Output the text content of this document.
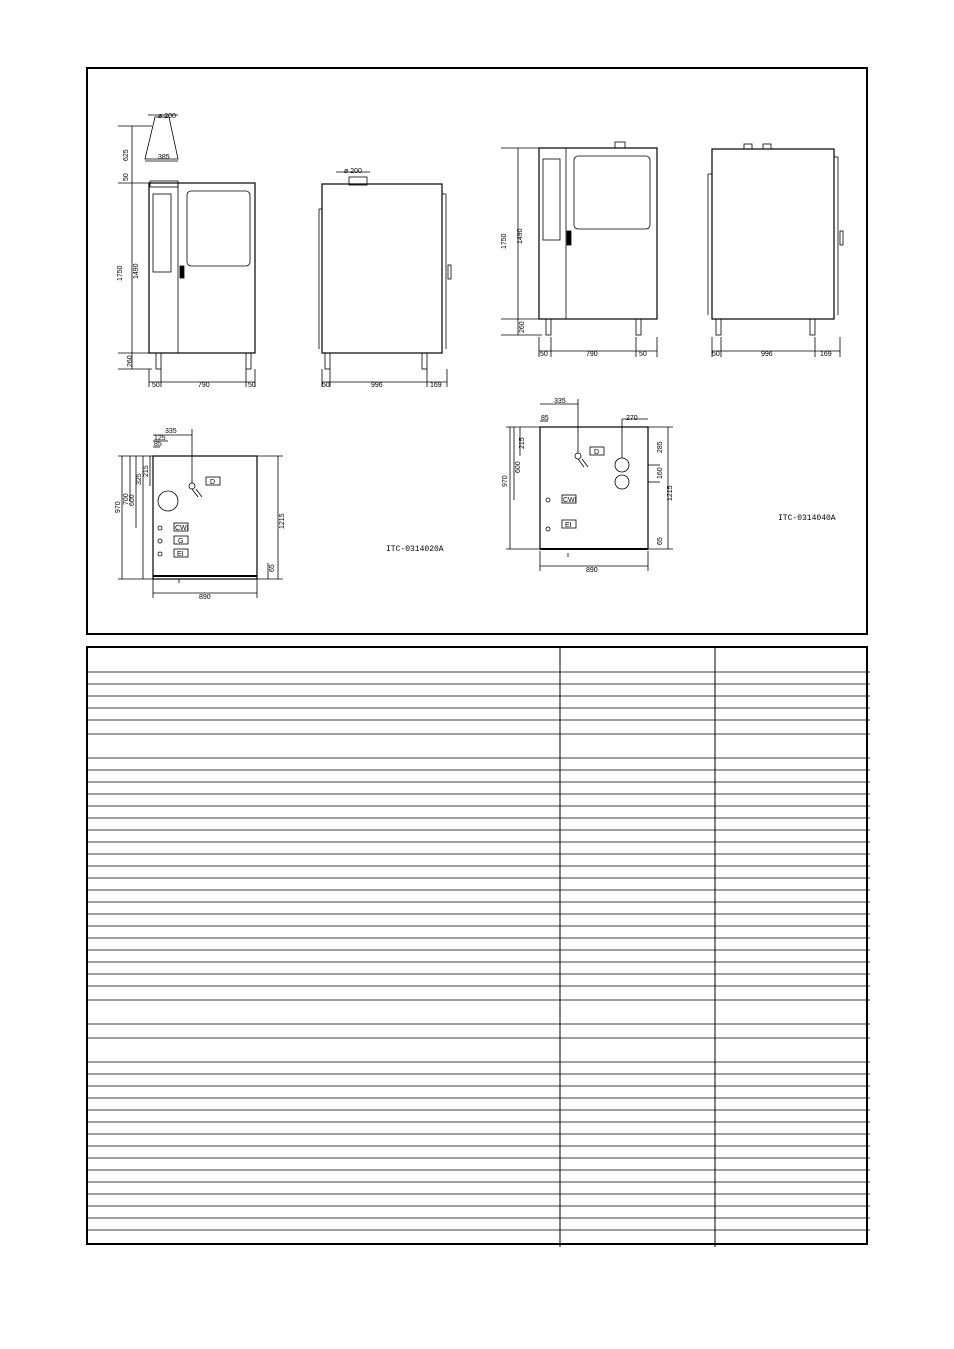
ø 200
625
50
385
1750 1490
260
50	790	50
ø 200
50	996	169
1750 1490
260
50	790	50	50	996	169
335
125
85
215
325
600
700
970
1215
65
890
D
CWI
G
EI
ITC-0314020A
335
85	270
215
600
970
285
160
1215
65
890
D
CWI
EI
ITC-0314040A
